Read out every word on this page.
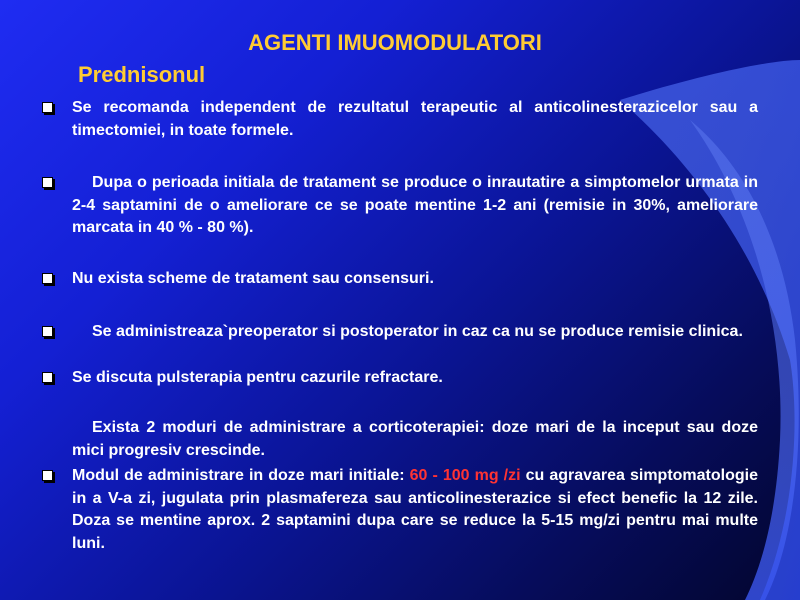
AGENTI IMUOMODULATORI
Prednisonul
Se recomanda independent de rezultatul terapeutic al anticolinesterazicelor sau a timectomiei, in toate formele.
Dupa o perioada initiala de tratament se produce o inrautatire a simptomelor urmata in 2-4 saptamini de o ameliorare ce se poate mentine 1-2 ani (remisie in 30%, ameliorare marcata in 40 % - 80 %).
Nu exista scheme de tratament sau consensuri.
Se administreaza`preoperator si postoperator in caz ca nu se produce remisie clinica.
Se discuta pulsterapia pentru cazurile refractare.
Exista 2 moduri de administrare a corticoterapiei: doze mari de la inceput sau doze mici progresiv crescinde.
Modul de administrare in doze mari initiale: 60 - 100 mg /zi cu agravarea simptomatologie in a V-a zi, jugulata prin plasmafereza sau anticolinesterazice si efect benefic la 12 zile. Doza se mentine aprox. 2 saptamini dupa care se reduce la 5-15 mg/zi pentru mai multe luni.
